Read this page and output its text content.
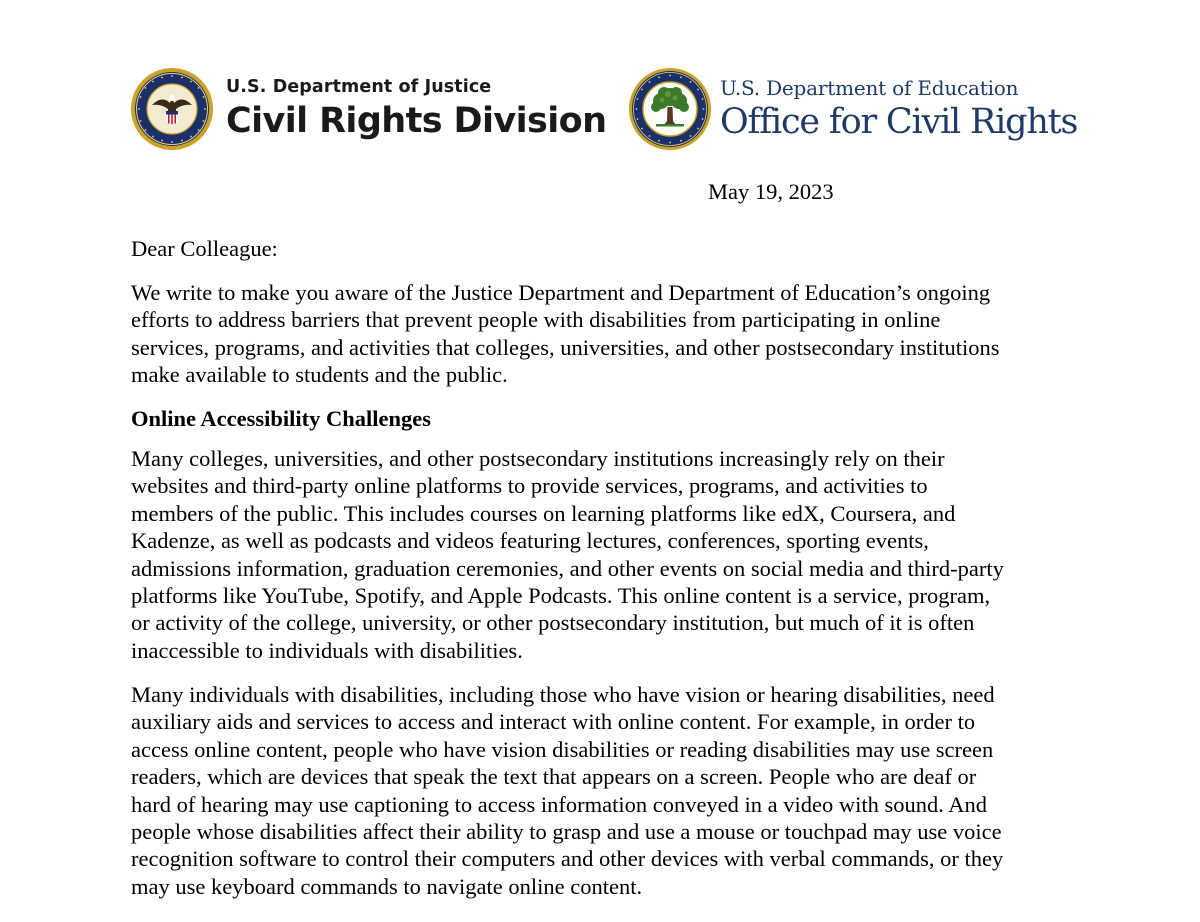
U.S. Department of Justice
Civil Rights Division
U.S. Department of Education
Office for Civil Rights
May 19, 2023
Dear Colleague:
We write to make you aware of the Justice Department and Department of Education’s ongoing
efforts to address barriers that prevent people with disabilities from participating in online
services, programs, and activities that colleges, universities, and other postsecondary institutions
make available to students and the public.
Online Accessibility Challenges
Many colleges, universities, and other postsecondary institutions increasingly rely on their
websites and third-party online platforms to provide services, programs, and activities to
members of the public. This includes courses on learning platforms like edX, Coursera, and
Kadenze, as well as podcasts and videos featuring lectures, conferences, sporting events,
admissions information, graduation ceremonies, and other events on social media and third-party
platforms like YouTube, Spotify, and Apple Podcasts. This online content is a service, program,
or activity of the college, university, or other postsecondary institution, but much of it is often
inaccessible to individuals with disabilities.
Many individuals with disabilities, including those who have vision or hearing disabilities, need
auxiliary aids and services to access and interact with online content. For example, in order to
access online content, people who have vision disabilities or reading disabilities may use screen
readers, which are devices that speak the text that appears on a screen. People who are deaf or
hard of hearing may use captioning to access information conveyed in a video with sound. And
people whose disabilities affect their ability to grasp and use a mouse or touchpad may use voice
recognition software to control their computers and other devices with verbal commands, or they
may use keyboard commands to navigate online content.
